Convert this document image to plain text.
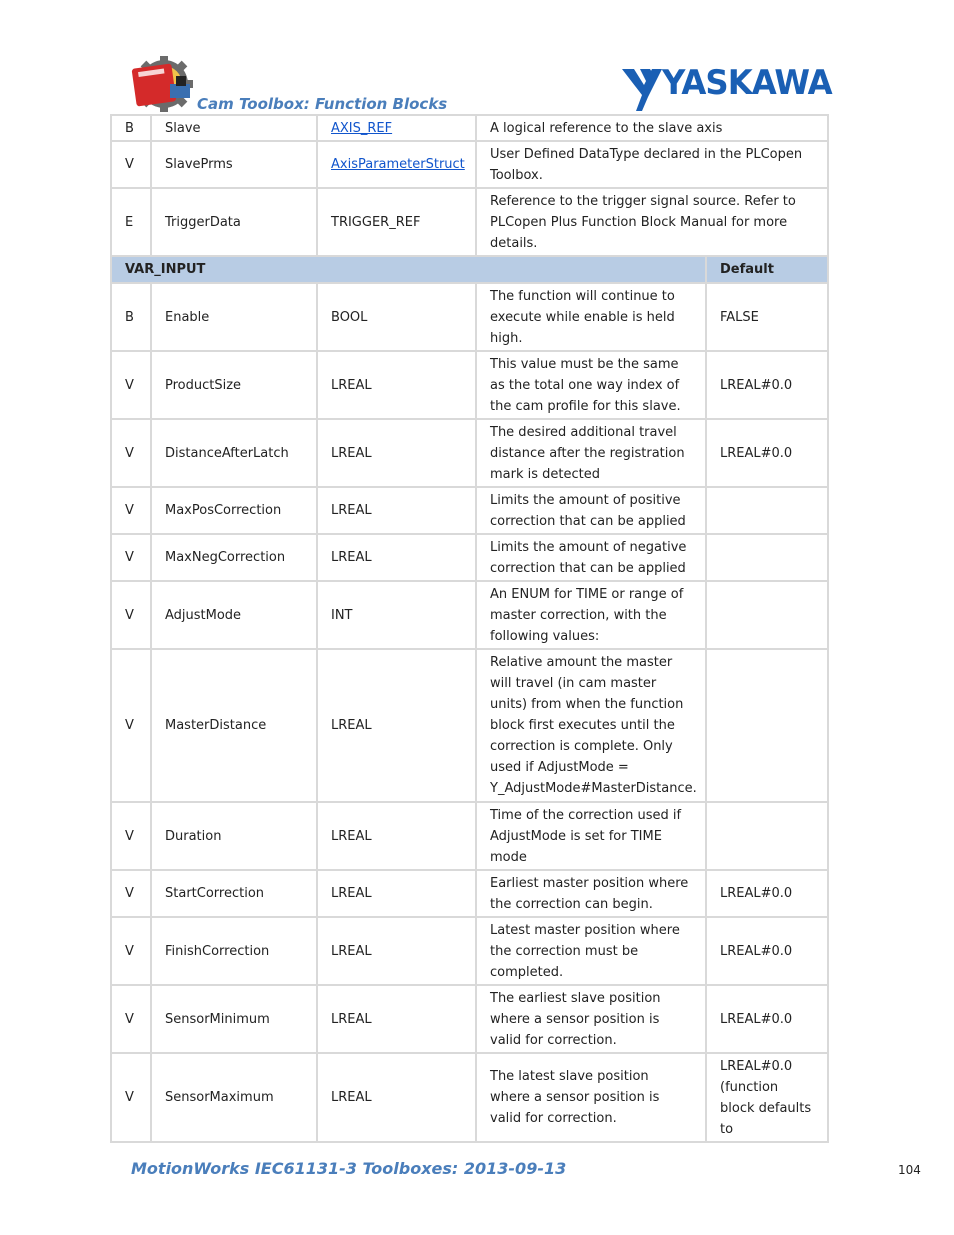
Cam Toolbox: Function Blocks
YASKAWA
B	Slave	AXIS_REF	A logical reference to the slave axis	
V	SlavePrms	AxisParameterStruct	User Defined DataType declared in the PLCopen Toolbox.	
E	TriggerData	TRIGGER_REF	Reference to the trigger signal source. Refer to PLCopen Plus Function Block Manual for more details.	
VAR_INPUT				Default
B	Enable	BOOL	The function will continue to execute while enable is held high.	FALSE
V	ProductSize	LREAL	This value must be the same as the total one way index of the cam profile for this slave.	LREAL#0.0
V	DistanceAfterLatch	LREAL	The desired additional travel distance after the registration mark is detected	LREAL#0.0
V	MaxPosCorrection	LREAL	Limits the amount of positive correction that can be applied	
V	MaxNegCorrection	LREAL	Limits the amount of negative correction that can be applied	
V	AdjustMode	INT	An ENUM for TIME or range of master correction, with the following values:	
V	MasterDistance	LREAL	Relative amount the master will travel (in cam master units) from when the function block first executes until the correction is complete. Only used if AdjustMode = Y_AdjustMode#MasterDistance.	
V	Duration	LREAL	Time of the correction used if AdjustMode is set for TIME mode	
V	StartCorrection	LREAL	Earliest master position where the correction can begin.	LREAL#0.0
V	FinishCorrection	LREAL	Latest master position where the correction must be completed.	LREAL#0.0
V	SensorMinimum	LREAL	The earliest slave position where a sensor position is valid for correction.	LREAL#0.0
V	SensorMaximum	LREAL	The latest slave position where a sensor position is valid for correction.	LREAL#0.0 (function block defaults to
MotionWorks IEC61131-3 Toolboxes: 2013-09-13	104
